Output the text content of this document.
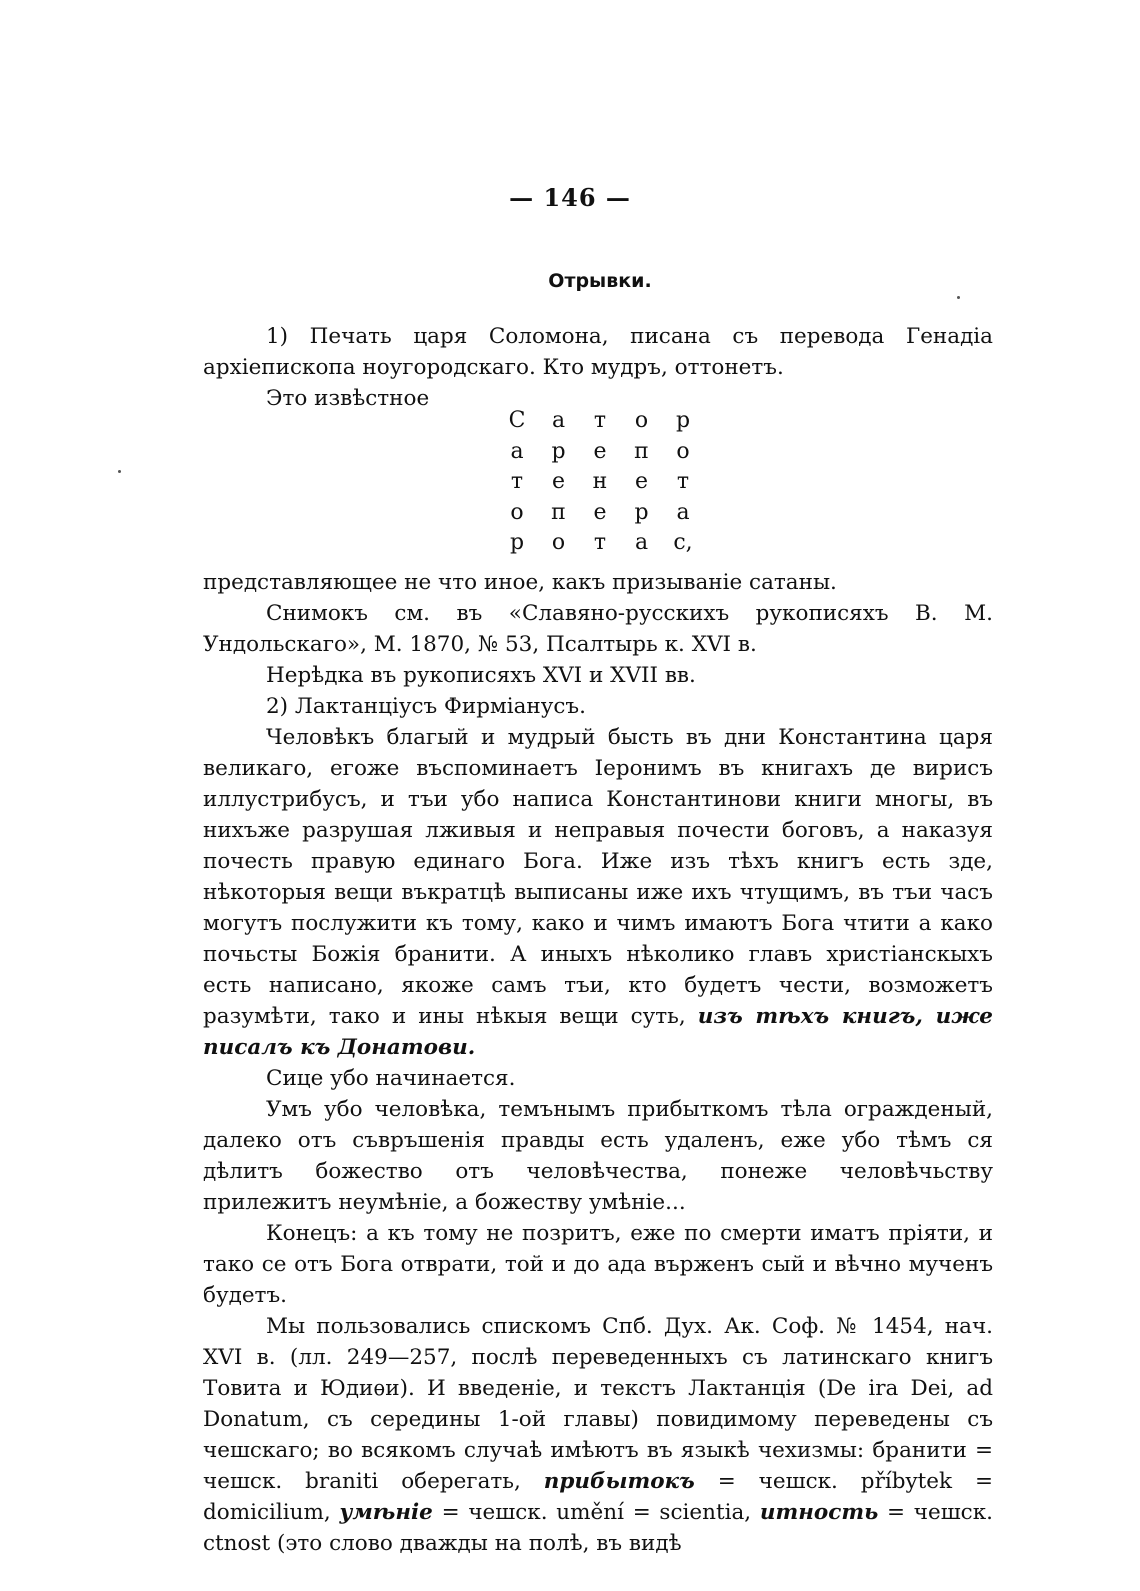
— 146 —
Отрывки.

1) Печать царя Соломона, писана съ перевода Генадiа архiепископа ноугородскаго. Кто мудръ, оттонетъ.

Это извѣстное

С а т о р
а р е п о
т е н е т
о п е р а
р о т а с,

представляющее не что иное, какъ призываніе сатаны.

Снимокъ см. въ «Славяно-русскихъ рукописяхъ В. М. Ундольскаго», М. 1870, № 53, Псалтырь к. XVI в.

Нерѣдка въ рукописяхъ XVI и XVII вв.

2) Лактанцiусъ Фирмiанусъ.

Человѣкъ благый и мудрый бысть въ дни Константина царя великаго, егоже въспоминаетъ Iеронимъ въ книгахъ де вирисъ иллустрибусъ, и тъи убо написа Константинови книги многы, въ нихъже разрушая лживыя и неправыя почести боговъ, а наказуя почесть правую единаго Бога. Иже изъ тѣхъ книгъ есть зде, нѣкоторыя вещи въкратцѣ выписаны иже ихъ чтущимъ, въ тъи часъ могутъ послужити къ тому, како и чимъ имаютъ Бога чтити а како почьсты Божiя бранити. А иныхъ нѣколико главъ христiанскыхъ есть написано, якоже самъ тъи, кто будетъ чести, возможетъ разумѣти, тако и ины нѣкыя вещи суть, изъ тѣхъ книгъ, иже писалъ къ Донатови.

Сице убо начинается.

Умъ убо человѣка, темънымъ прибыткомъ тѣла огражденый, далеко отъ съвръшенiя правды есть удаленъ, еже убо тѣмъ ся дѣлитъ божество отъ человѣчества, понеже человѣчьству прилежитъ неумѣнiе, а божеству умѣнiе...

Конецъ: а къ тому не позритъ, еже по смерти иматъ прiяти, и тако се отъ Бога отврати, той и до ада върженъ сый и вѣчно мученъ будетъ.

Мы пользовались спискомъ Спб. Дух. Ак. Соф. № 1454, нач. XVI в. (лл. 249—257, послѣ переведенныхъ съ латинскаго книгъ Товита и Юдиѳи). И введенiе, и текстъ Лактанцiя (De ira Dei, ad Donatum, съ середины 1-ой главы) повидимому переведены съ чешскаго; во всякомъ случаѣ имѣютъ въ языкѣ чехизмы: бранити = чешск. braniti оберегать, прибытокъ = чешск. příbytek = domicilium, умѣнiе = чешск. umění = scientia, итность = чешск. ctnost (это слово дважды на полѣ, въ видѣ
